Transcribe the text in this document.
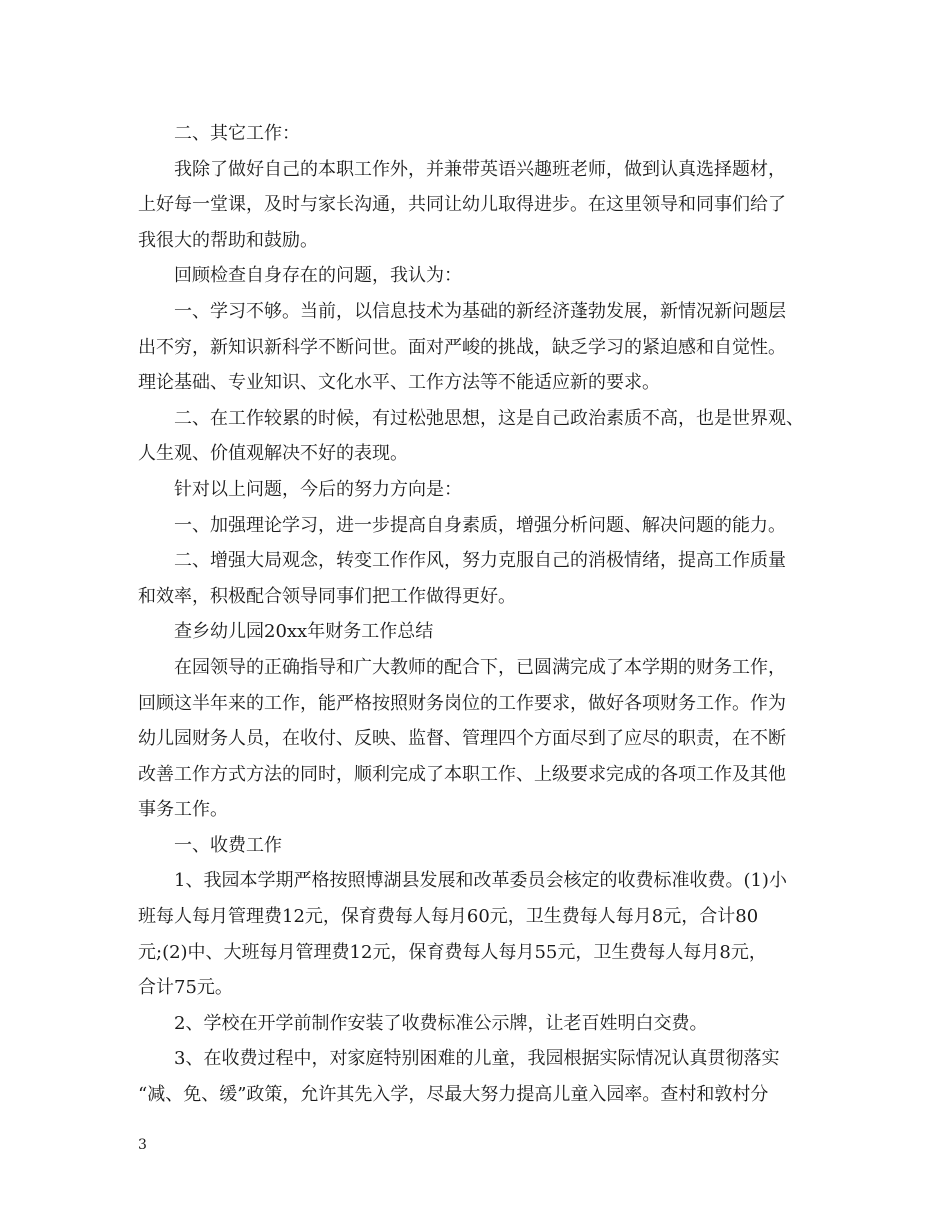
二、其它工作：

我除了做好自己的本职工作外，并兼带英语兴趣班老师，做到认真选择题材，

上好每一堂课，及时与家长沟通，共同让幼儿取得进步。在这里领导和同事们给了

我很大的帮助和鼓励。

回顾检查自身存在的问题，我认为：

一、学习不够。当前，以信息技术为基础的新经济蓬勃发展，新情况新问题层

出不穷，新知识新科学不断问世。面对严峻的挑战，缺乏学习的紧迫感和自觉性。

理论基础、专业知识、文化水平、工作方法等不能适应新的要求。

二、在工作较累的时候，有过松弛思想，这是自己政治素质不高，也是世界观、

人生观、价值观解决不好的表现。

针对以上问题，今后的努力方向是：

一、加强理论学习，进一步提高自身素质，增强分析问题、解决问题的能力。

二、增强大局观念，转变工作作风，努力克服自己的消极情绪，提高工作质量

和效率，积极配合领导同事们把工作做得更好。

查乡幼儿园20xx年财务工作总结

在园领导的正确指导和广大教师的配合下，已圆满完成了本学期的财务工作，

回顾这半年来的工作，能严格按照财务岗位的工作要求，做好各项财务工作。作为

幼儿园财务人员，在收付、反映、监督、管理四个方面尽到了应尽的职责，在不断

改善工作方式方法的同时，顺利完成了本职工作、上级要求完成的各项工作及其他

事务工作。

一、收费工作

1、我园本学期严格按照博湖县发展和改革委员会核定的收费标准收费。(1)小

班每人每月管理费12元，保育费每人每月60元，卫生费每人每月8元，合计80

元;(2)中、大班每月管理费12元，保育费每人每月55元，卫生费每人每月8元，

合计75元。

2、学校在开学前制作安装了收费标准公示牌，让老百姓明白交费。

3、在收费过程中，对家庭特别困难的儿童，我园根据实际情况认真贯彻落实

“减、免、缓”政策，允许其先入学，尽最大努力提高儿童入园率。查村和敦村分

3
